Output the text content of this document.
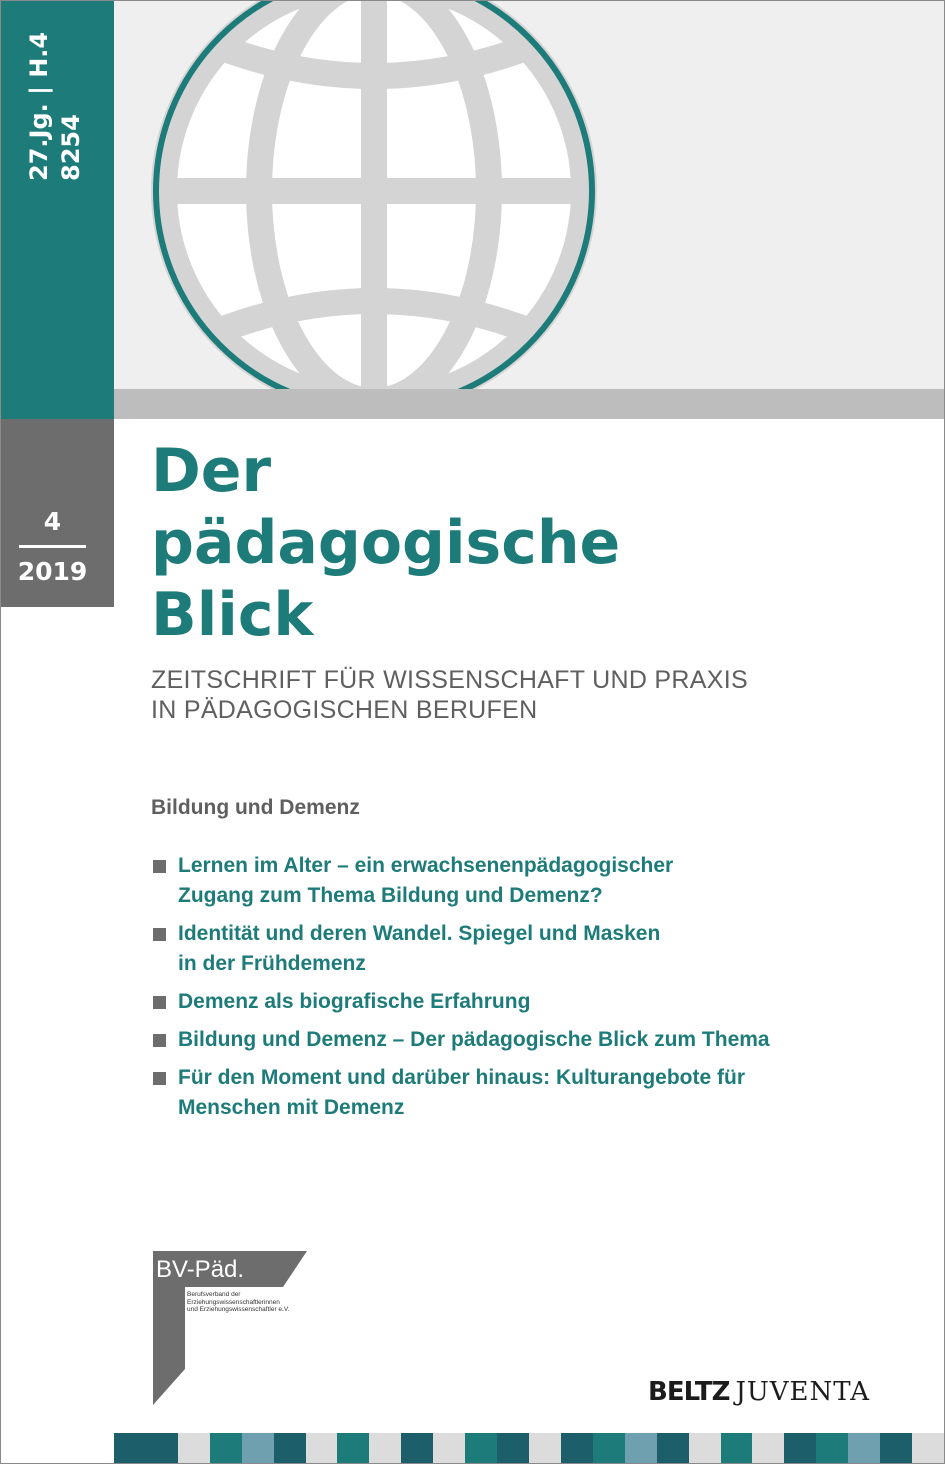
27.Jg. | H.4 8254
4
2019
Der
pädagogische
Blick
ZEITSCHRIFT FÜR WISSENSCHAFT UND PRAXIS
IN PÄDAGOGISCHEN BERUFEN
Bildung und Demenz
Lernen im Alter – ein erwachsenenpädagogischer
Zugang zum Thema Bildung und Demenz?
Identität und deren Wandel. Spiegel und Masken
in der Frühdemenz
Demenz als biografische Erfahrung
Bildung und Demenz – Der pädagogische Blick zum Thema
Für den Moment und darüber hinaus: Kulturangebote für
Menschen mit Demenz
BV-Päd.
Berufsverband der
Erziehungswissenschaftlerinnen
und Erziehungswissenschaftler e.V.
BELTZ JUVENTA
